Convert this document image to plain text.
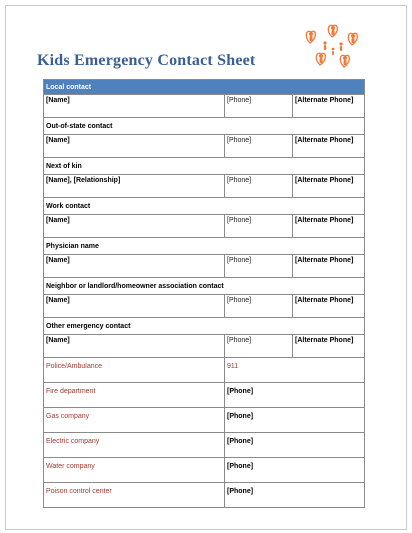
Kids Emergency Contact Sheet
Local contact		
[Name]	[Phone]	[Alternate Phone]
Out-of-state contact		
[Name]	[Phone]	[Alternate Phone]
Next of kin		
[Name], [Relationship]	[Phone]	[Alternate Phone]
Work contact		
[Name]	[Phone]	[Alternate Phone]
Physician name		
[Name]	[Phone]	[Alternate Phone]
Neighbor or landlord/homeowner association contact		
[Name]	[Phone]	[Alternate Phone]
Other emergency contact		
[Name]	[Phone]	[Alternate Phone]
Police/Ambulance	911	
Fire department	[Phone]	
Gas company	[Phone]	
Electric company	[Phone]	
Water company	[Phone]	
Poison control center	[Phone]	
